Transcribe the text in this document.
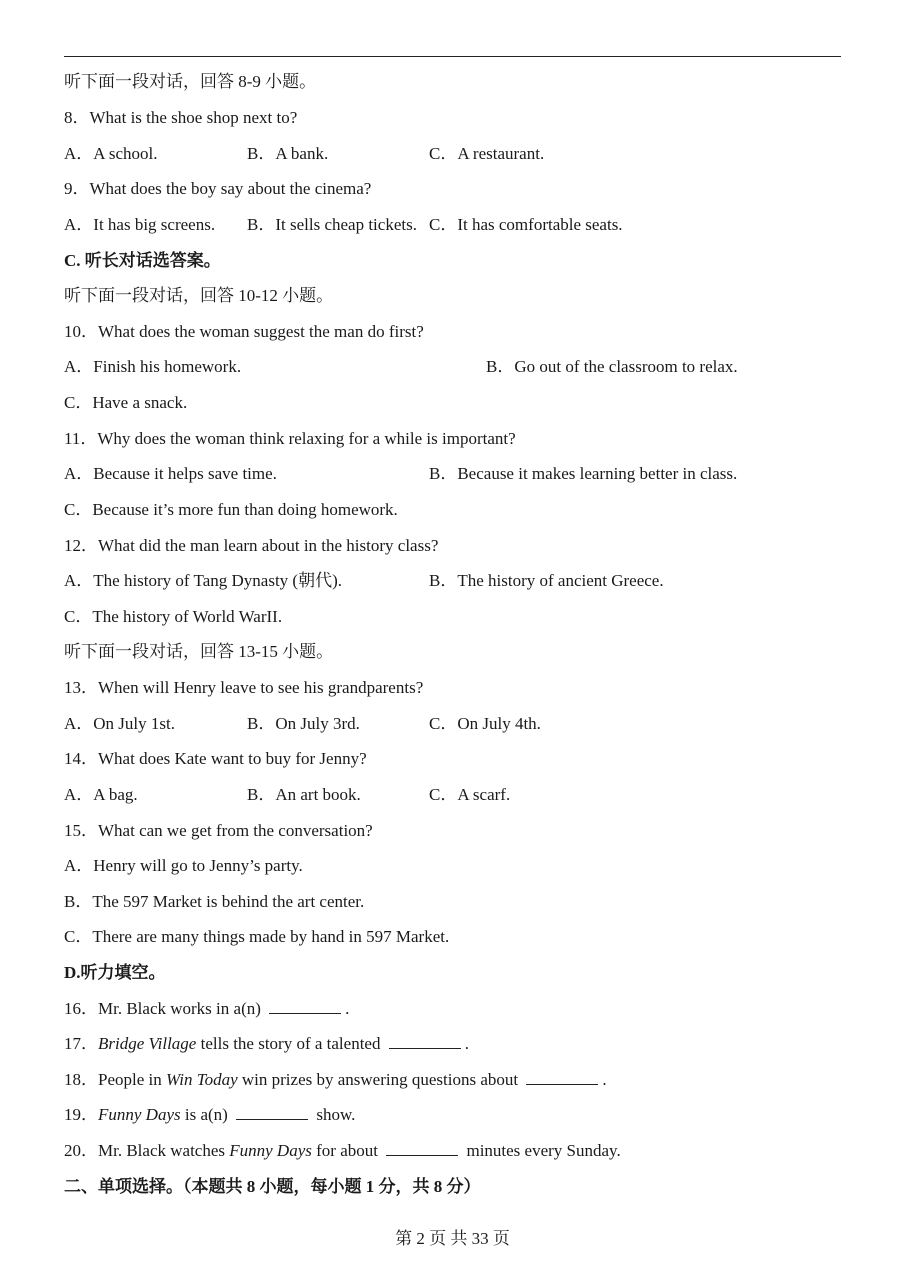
听下面一段对话，回答 8-9 小题。
8．What is the shoe shop next to?
A．A school.	B．A bank.	C．A restaurant.
9．What does the boy say about the cinema?
A．It has big screens. B．It sells cheap tickets. C．It has comfortable seats.
C. 听长对话选答案。
听下面一段对话，回答 10-12 小题。
10．What does the woman suggest the man do first?
A．Finish his homework.	B．Go out of the classroom to relax.
C．Have a snack.
11．Why does the woman think relaxing for a while is important?
A．Because it helps save time.	B．Because it makes learning better in class.
C．Because it’s more fun than doing homework.
12．What did the man learn about in the history class?
A．The history of Tang Dynasty (朝代).	B．The history of ancient Greece.
C．The history of World WarII.
听下面一段对话，回答 13-15 小题。
13．When will Henry leave to see his grandparents?
A．On July 1st.	B．On July 3rd.	C．On July 4th.
14．What does Kate want to buy for Jenny?
A．A bag.	B．An art book.	C．A scarf.
15．What can we get from the conversation?
A．Henry will go to Jenny’s party.
B．The 597 Market is behind the art center.
C．There are many things made by hand in 597 Market.
D.听力填空。
16．Mr. Black works in a(n)	.
17．Bridge Village tells the story of a talented	.
18．People in Win Today win prizes by answering questions about	.
19．Funny Days is a(n)	show.
20．Mr. Black watches Funny Days for about	minutes every Sunday.
二、单项选择。（本题共 8 小题，每小题 1 分，共 8 分）
第 2 页 共 33 页
